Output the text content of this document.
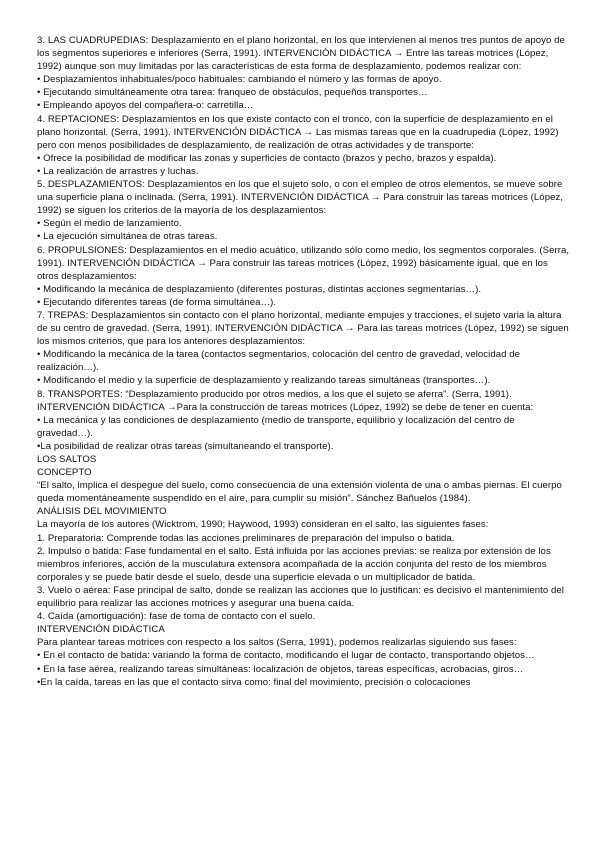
3. LAS CUADRUPEDIAS: Desplazamiento en el plano horizontal, en los que intervienen al menos tres puntos de apoyo de los segmentos superiores e inferiores (Serra, 1991). INTERVENCIÓN DIDÁCTICA → Entre las tareas motrices (López, 1992) aunque son muy limitadas por las características de esta forma de desplazamiento, podemos realizar con:

• Desplazamientos inhabituales/poco habituales: cambiando el número y las formas de apoyo.

• Ejecutando simultáneamente otra tarea: franqueo de obstáculos, pequeños transportes…

• Empleando apoyos del compañera-o: carretilla…

4. REPTACIONES: Desplazamientos en los que existe contacto con el tronco, con la superficie de desplazamiento en el plano horizontal. (Serra, 1991). INTERVENCIÓN DIDÁCTICA → Las mismas tareas que en la cuadrupedia (López, 1992) pero con menos posibilidades de desplazamiento, de realización de otras actividades y de transporte:

• Ofrece la posibilidad de modificar las zonas y superficies de contacto (brazos y pecho, brazos y espalda).

• La realización de arrastres y luchas.

5. DESPLAZAMIENTOS: Desplazamientos en los que el sujeto solo, o con el empleo de otros elementos, se mueve sobre una superficie plana o inclinada. (Serra, 1991). INTERVENCIÓN DIDÁCTICA → Para construir las tareas motrices (López, 1992) se siguen los criterios de la mayoría de los desplazamientos:

• Según el medio de lanzamiento.

• La ejecución simultánea de otras tareas.

6. PROPULSIONES: Desplazamientos en el medio acuático, utilizando sólo como medio, los segmentos corporales. (Serra, 1991). INTERVENCIÓN DIDÁCTICA → Para construir las tareas motrices (López, 1992) básicamente igual, que en los otros desplazamientos:

• Modificando la mecánica de desplazamiento (diferentes posturas, distintas acciones segmentarias…).

• Ejecutando diferentes tareas (de forma simultánea…).

7. TREPAS: Desplazamientos sin contacto con el plano horizontal, mediante empujes y tracciones, el sujeto varia la altura de su centro de gravedad. (Serra, 1991). INTERVENCIÓN DIDÁCTICA → Para las tareas motrices (López, 1992) se siguen los mismos criterios, que para los anteriores desplazamientos:

• Modificando la mecánica de la tarea (contactos segmentarios, colocación del centro de gravedad, velocidad de realización…).

• Modificando el medio y la superficie de desplazamiento y realizando tareas simultáneas (transportes…).

8. TRANSPORTES: “Desplazamiento producido por otros medios, a los que el sujeto se aferra”. (Serra, 1991). INTERVENCIÓN DIDÁCTICA →Para la construcción de tareas motrices (López, 1992) se debe de tener en cuenta:

• La mecánica y las condiciones de desplazamiento (medio de transporte, equilibrio y localización del centro de gravedad…).

•La posibilidad de realizar otras tareas (simultaneando el transporte).

LOS SALTOS

CONCEPTO

“El salto, implica el despegue del suelo, como consecuencia de una extensión violenta de una o ambas piernas. El cuerpo queda momentáneamente suspendido en el aire, para cumplir su misión”. Sánchez Bañuelos (1984).

ANÁLISIS DEL MOVIMIENTO

La mayoría de los autores (Wicktrom, 1990; Haywood, 1993) consideran en el salto, las siguientes fases:

1. Preparatoria: Comprende todas las acciones preliminares de preparación del impulso o batida.

2. Impulso o batida: Fase fundamental en el salto. Está influida por las acciones previas: se realiza por extensión de los miembros inferiores, acción de la musculatura extensora acompañada de la acción conjunta del resto de los miembros corporales y se puede batir desde el suelo, desde una superficie elevada o un multiplicador de batida.

3. Vuelo o aérea: Fase principal de salto, donde se realizan las acciones que lo justifican: es decisivo el mantenimiento del equilibrio para realizar las acciones motrices y asegurar una buena caída.

4. Caída (amortiguación): fase de toma de contacto con el suelo.

INTERVENCIÓN DIDÁCTICA

Para plantear tareas motrices con respecto a los saltos (Serra, 1991), podemos realizarlas siguiendo sus fases:

• En el contacto de batida: variando la forma de contacto, modificando el lugar de contacto, transportando objetos…

• En la fase aérea, realizando tareas simultáneas: localización de objetos, tareas específicas, acrobacias, giros…

•En la caída, tareas en las que el contacto sirva como: final del movimiento, precisión o colocaciones
